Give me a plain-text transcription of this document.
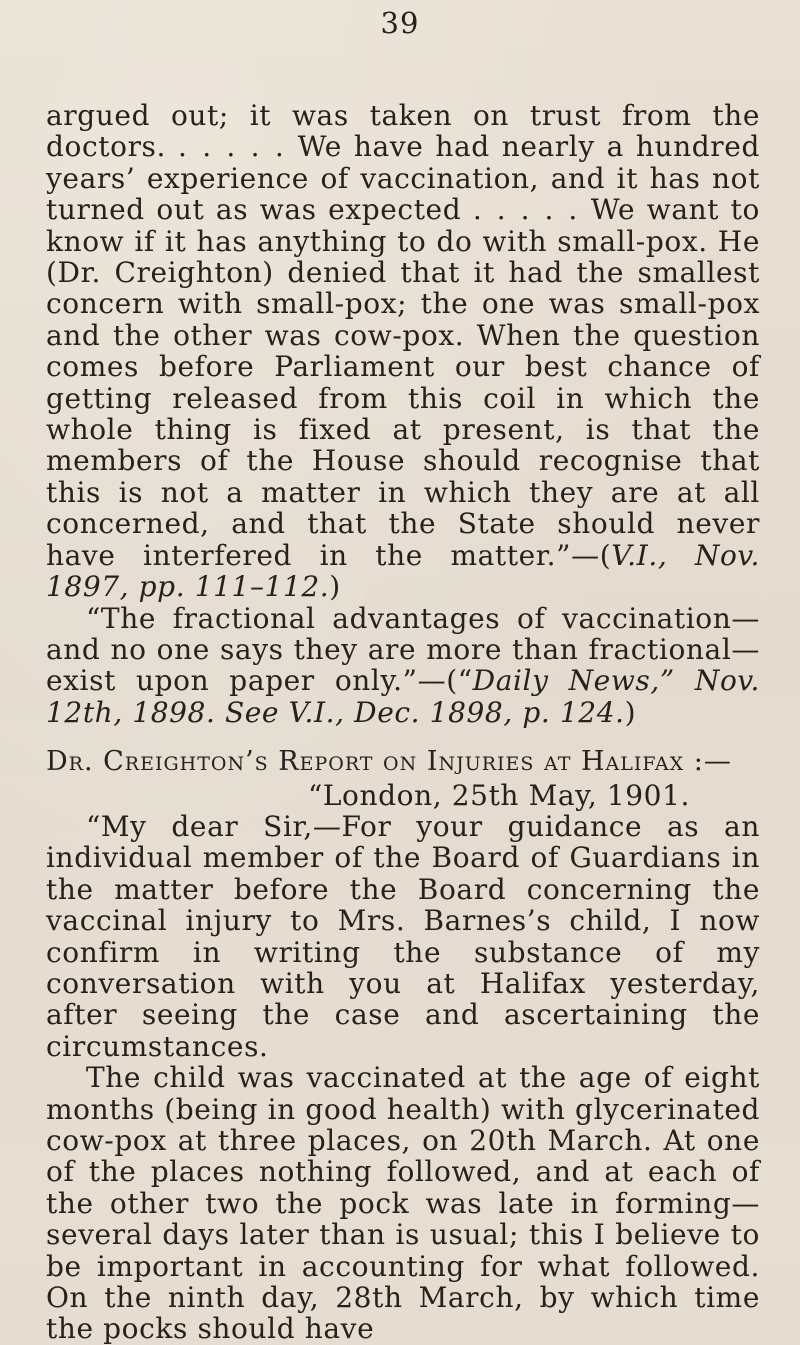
39

argued out; it was taken on trust from the doctors. . . . . . We have had nearly a hundred years’ experience of vaccination, and it has not turned out as was expected . . . . . We want to know if it has anything to do with small-pox. He (Dr. Creighton) denied that it had the smallest concern with small-pox; the one was small-pox and the other was cow-pox. When the question comes before Parliament our best chance of getting released from this coil in which the whole thing is fixed at present, is that the members of the House should recognise that this is not a matter in which they are at all concerned, and that the State should never have interfered in the matter.”—(V.I., Nov. 1897, pp. 111–112.)

“The fractional advantages of vaccination—and no one says they are more than fractional—exist upon paper only.”—(“Daily News,” Nov. 12th, 1898. See V.I., Dec. 1898, p. 124.)

Dr. Creighton’s Report on Injuries at Halifax :—

“London, 25th May, 1901.

“My dear Sir,—For your guidance as an individual member of the Board of Guardians in the matter before the Board concerning the vaccinal injury to Mrs. Barnes’s child, I now confirm in writing the substance of my conversation with you at Halifax yesterday, after seeing the case and ascertaining the circumstances.

The child was vaccinated at the age of eight months (being in good health) with glycerinated cow-pox at three places, on 20th March. At one of the places nothing followed, and at each of the other two the pock was late in forming—several days later than is usual; this I believe to be important in accounting for what followed. On the ninth day, 28th March, by which time the pocks should have
